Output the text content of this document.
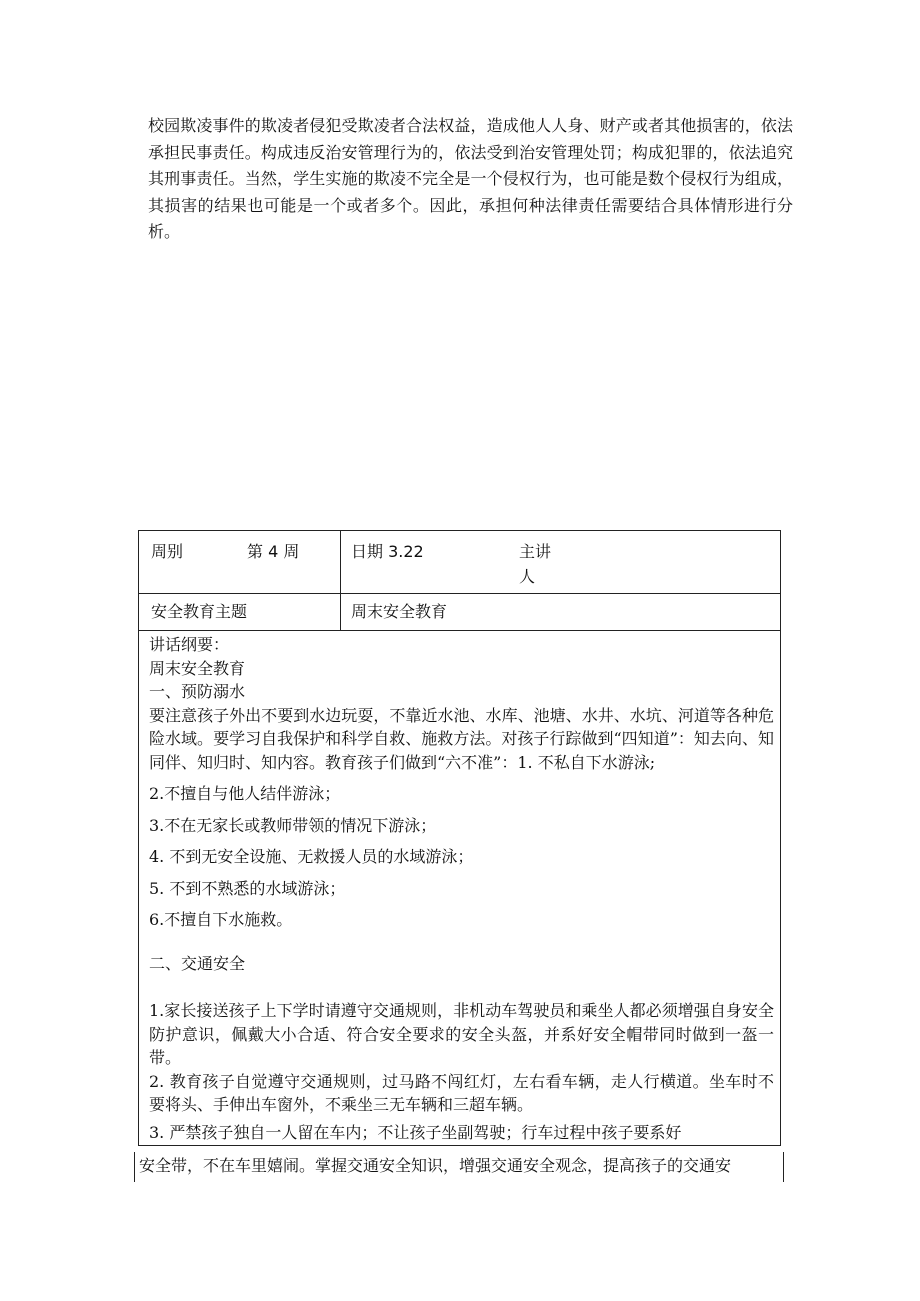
校园欺凌事件的欺凌者侵犯受欺凌者合法权益，造成他人人身、财产或者其他损害的，依法承担民事责任。构成违反治安管理行为的，依法受到治安管理处罚；构成犯罪的，依法追究其刑事责任。当然，学生实施的欺凌不完全是一个侵权行为，也可能是数个侵权行为组成，其损害的结果也可能是一个或者多个。因此，承担何种法律责任需要结合具体情形进行分析。

周别	第 4 周	日期 3.22	主讲
人
安全教育主题	周末安全教育
讲话纲要：
周末安全教育
一、预防溺水
要注意孩子外出不要到水边玩耍，不靠近水池、水库、池塘、水井、水坑、河道等各种危险水域。要学习自我保护和科学自救、施救方法。对孩子行踪做到“四知道”：知去向、知同伴、知归时、知内容。教育孩子们做到“六不准”：1. 不私自下水游泳;
2.不擅自与他人结伴游泳；
3.不在无家长或教师带领的情况下游泳；
4. 不到无安全设施、无救援人员的水域游泳；
5. 不到不熟悉的水域游泳；
6.不擅自下水施救。
二、交通安全
1.家长接送孩子上下学时请遵守交通规则，非机动车驾驶员和乘坐人都必须增强自身安全防护意识，佩戴大小合适、符合安全要求的安全头盔，并系好安全帽带同时做到一盔一带。
2. 教育孩子自觉遵守交通规则，过马路不闯红灯，左右看车辆，走人行横道。坐车时不要将头、手伸出车窗外，不乘坐三无车辆和三超车辆。
3. 严禁孩子独自一人留在车内；不让孩子坐副驾驶；行车过程中孩子要系好
安全带，不在车里嬉闹。掌握交通安全知识，增强交通安全观念，提高孩子的交通安
